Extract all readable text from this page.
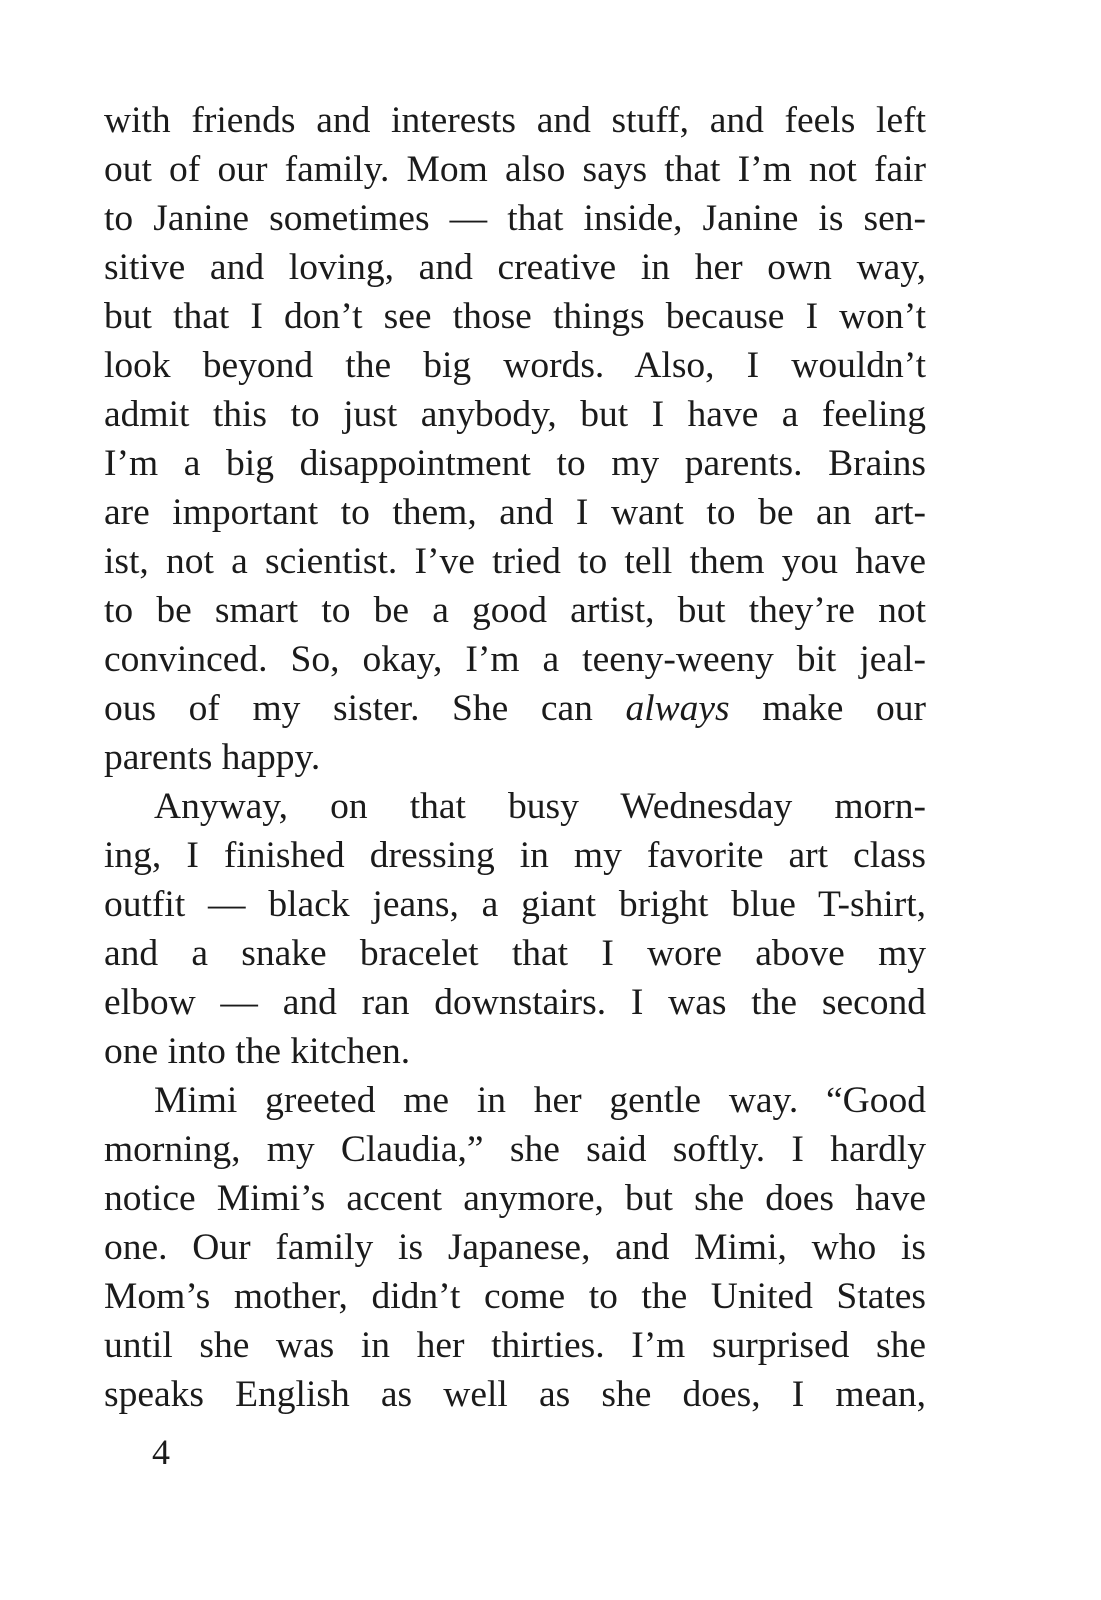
with friends and interests and stuff, and feels left
out of our family. Mom also says that I’m not fair
to Janine sometimes — that inside, Janine is sen-
sitive and loving, and creative in her own way,
but that I don’t see those things because I won’t
look beyond the big words. Also, I wouldn’t
admit this to just anybody, but I have a feeling
I’m a big disappointment to my parents. Brains
are important to them, and I want to be an art-
ist, not a scientist. I’ve tried to tell them you have
to be smart to be a good artist, but they’re not
convinced. So, okay, I’m a teeny-weeny bit jeal-
ous of my sister. She can always make our
parents happy.
Anyway, on that busy Wednesday morn-
ing, I finished dressing in my favorite art class
outfit — black jeans, a giant bright blue T-shirt,
and a snake bracelet that I wore above my
elbow — and ran downstairs. I was the second
one into the kitchen.
Mimi greeted me in her gentle way. “Good
morning, my Claudia,” she said softly. I hardly
notice Mimi’s accent anymore, but she does have
one. Our family is Japanese, and Mimi, who is
Mom’s mother, didn’t come to the United States
until she was in her thirties. I’m surprised she
speaks English as well as she does, I mean,
4
